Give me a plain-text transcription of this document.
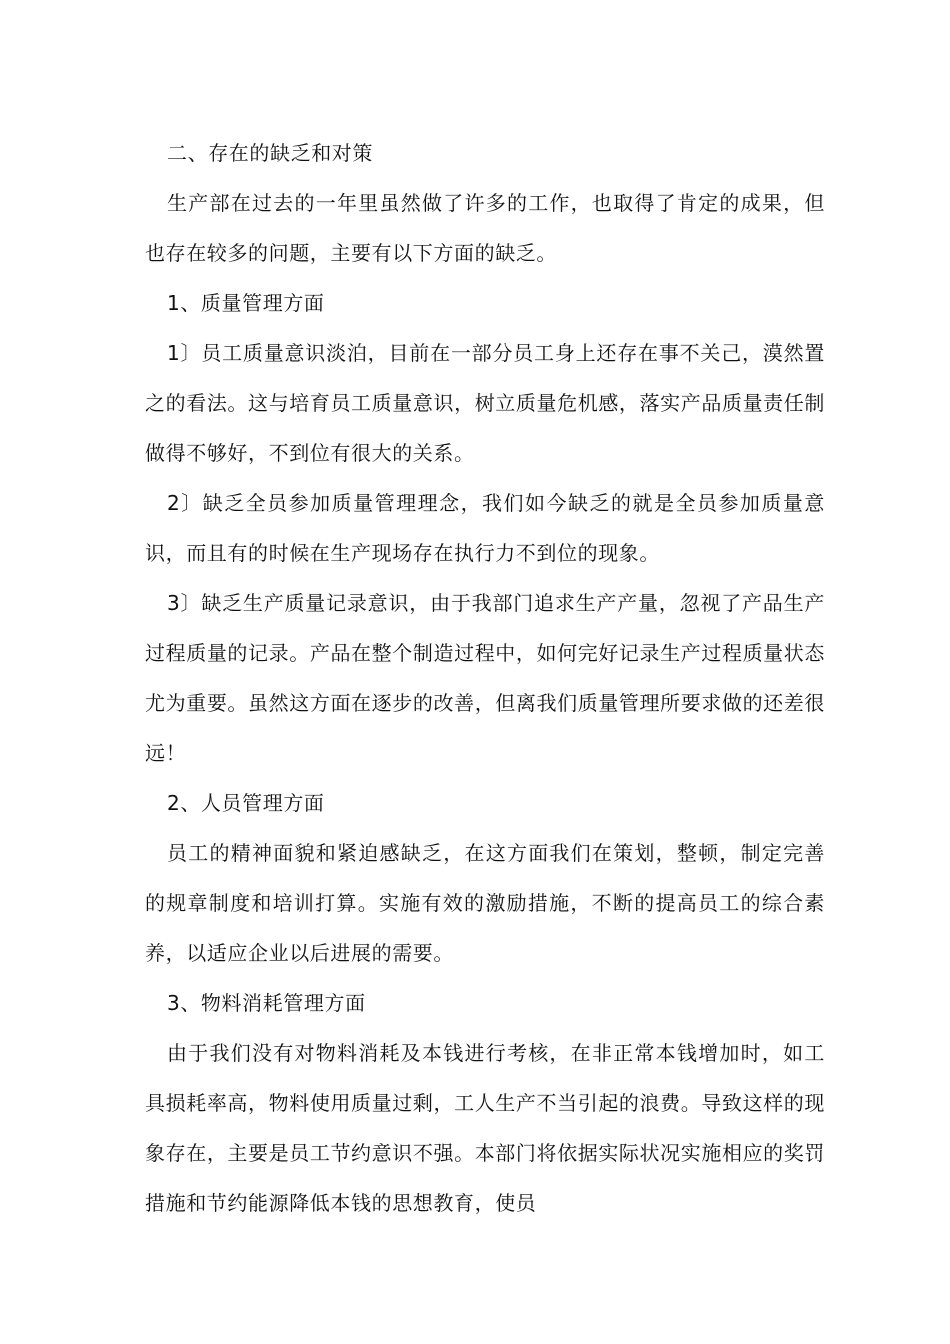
二、存在的缺乏和对策

生产部在过去的一年里虽然做了许多的工作，也取得了肯定的成果，但也存在较多的问题，主要有以下方面的缺乏。

1、质量管理方面

1〕员工质量意识淡泊，目前在一部分员工身上还存在事不关己，漠然置之的看法。这与培育员工质量意识，树立质量危机感，落实产品质量责任制做得不够好，不到位有很大的关系。

2〕缺乏全员参加质量管理理念，我们如今缺乏的就是全员参加质量意识，而且有的时候在生产现场存在执行力不到位的现象。

3〕缺乏生产质量记录意识，由于我部门追求生产产量，忽视了产品生产过程质量的记录。产品在整个制造过程中，如何完好记录生产过程质量状态尤为重要。虽然这方面在逐步的改善，但离我们质量管理所要求做的还差很远！

2、人员管理方面

员工的精神面貌和紧迫感缺乏，在这方面我们在策划，整顿，制定完善的规章制度和培训打算。实施有效的激励措施，不断的提高员工的综合素养，以适应企业以后进展的需要。

3、物料消耗管理方面

由于我们没有对物料消耗及本钱进行考核，在非正常本钱增加时，如工具损耗率高，物料使用质量过剩，工人生产不当引起的浪费。导致这样的现象存在，主要是员工节约意识不强。本部门将依据实际状况实施相应的奖罚措施和节约能源降低本钱的思想教育，使员
